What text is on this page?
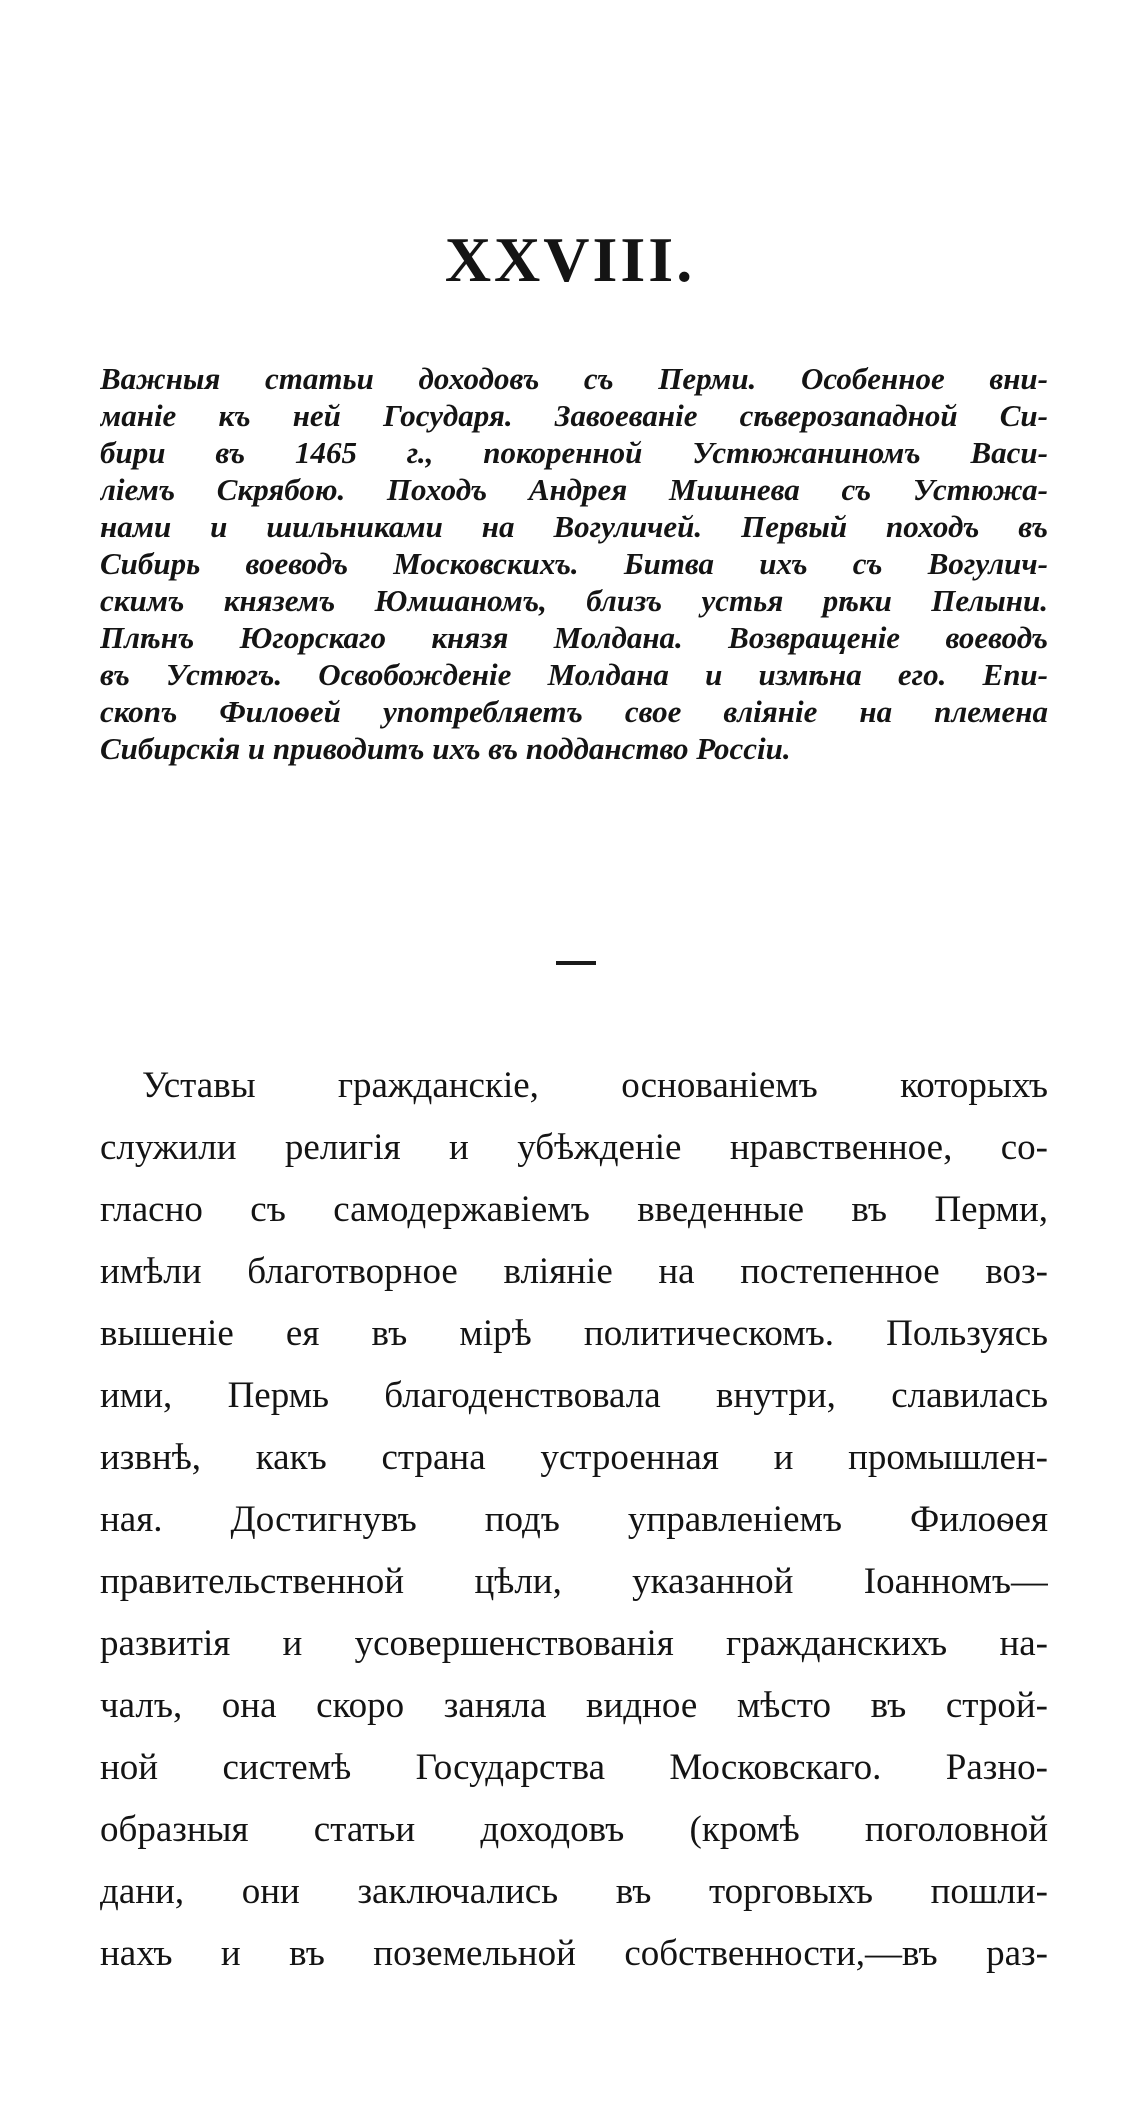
XXVIII.
Важныя статьи доходовъ съ Перми. Особенное вни-
маніе къ ней Государя. Завоеваніе сѣверозападной Си-
бири въ 1465 г., покоренной Устюжаниномъ Васи-
ліемъ Скрябою. Походъ Андрея Мишнева съ Устюжа-
нами и шильниками на Вогуличей. Первый походъ въ
Сибирь воеводъ Московскихъ. Битва ихъ съ Вогулич-
скимъ княземъ Юмшаномъ, близъ устья рѣки Пелыни.
Плѣнъ Югорскаго князя Молдана. Возвращеніе воеводъ
въ Устюгъ. Освобожденіе Молдана и измѣна его. Епи-
скопъ Филоѳей употребляетъ свое вліяніе на племена
Сибирскія и приводитъ ихъ въ подданство Россіи.
Уставы гражданскіе, основаніемъ которыхъ
служили религія и убѣжденіе нравственное, со-
гласно съ самодержавіемъ введенные въ Перми,
имѣли благотворное вліяніе на постепенное воз-
вышеніе ея въ мірѣ политическомъ. Пользуясь
ими, Пермь благоденствовала внутри, славилась
извнѣ, какъ страна устроенная и промышлен-
ная. Достигнувъ подъ управленіемъ Филоѳея
правительственной цѣли, указанной Іоанномъ—
развитія и усовершенствованія гражданскихъ на-
чалъ, она скоро заняла видное мѣсто въ строй-
ной системѣ Государства Московскаго. Разно-
образныя статьи доходовъ (кромѣ поголовной
дани, они заключались въ торговыхъ пошли-
нахъ и въ поземельной собственности,—въ раз-
